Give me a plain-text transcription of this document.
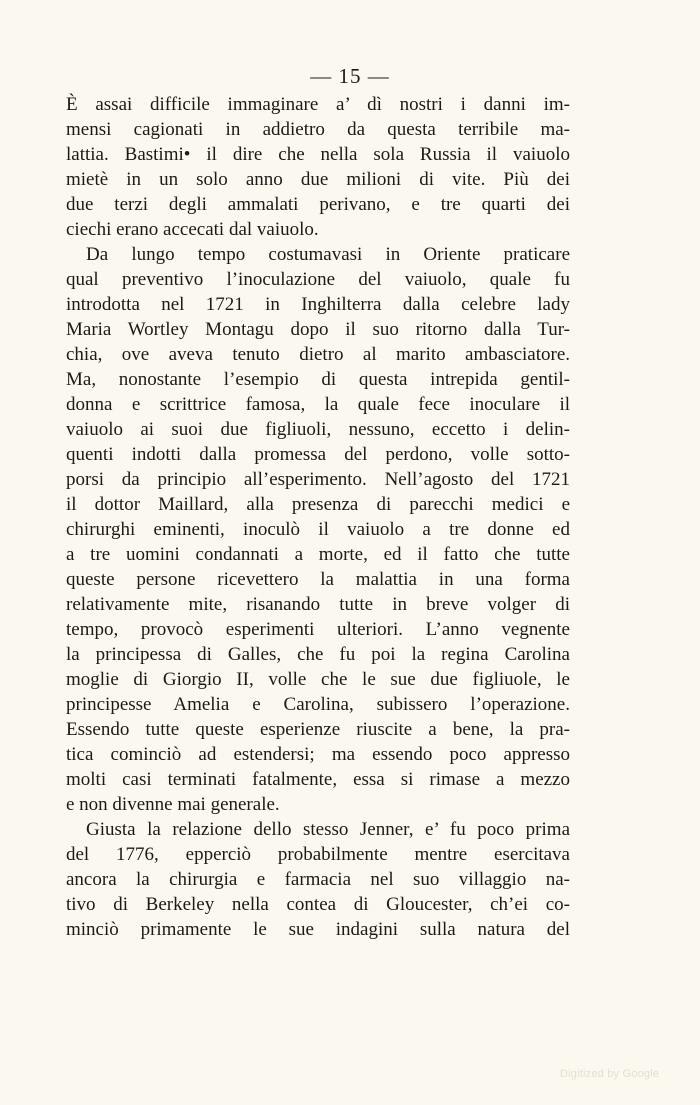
— 15 —
È assai difficile immaginare a’ dì nostri i danni im-
mensi cagionati in addietro da questa terribile ma-
lattia. Bastimi• il dire che nella sola Russia il vaiuolo
mietè in un solo anno due milioni di vite. Più dei
due terzi degli ammalati perivano, e tre quarti dei
ciechi erano accecati dal vaiuolo.
Da lungo tempo costumavasi in Oriente praticare
qual preventivo l’inoculazione del vaiuolo, quale fu
introdotta nel 1721 in Inghilterra dalla celebre lady
Maria Wortley Montagu dopo il suo ritorno dalla Tur-
chia, ove aveva tenuto dietro al marito ambasciatore.
Ma, nonostante l’esempio di questa intrepida gentil-
donna e scrittrice famosa, la quale fece inoculare il
vaiuolo ai suoi due figliuoli, nessuno, eccetto i delin-
quenti indotti dalla promessa del perdono, volle sotto-
porsi da principio all’esperimento. Nell’agosto del 1721
il dottor Maillard, alla presenza di parecchi medici e
chirurghi eminenti, inoculò il vaiuolo a tre donne ed
a tre uomini condannati a morte, ed il fatto che tutte
queste persone ricevettero la malattia in una forma
relativamente mite, risanando tutte in breve volger di
tempo, provocò esperimenti ulteriori. L’anno vegnente
la principessa di Galles, che fu poi la regina Carolina
moglie di Giorgio II, volle che le sue due figliuole, le
principesse Amelia e Carolina, subissero l’operazione.
Essendo tutte queste esperienze riuscite a bene, la pra-
tica cominciò ad estendersi; ma essendo poco appresso
molti casi terminati fatalmente, essa si rimase a mezzo
e non divenne mai generale.
Giusta la relazione dello stesso Jenner, e’ fu poco prima
del 1776, epperciò probabilmente mentre esercitava
ancora la chirurgia e farmacia nel suo villaggio na-
tivo di Berkeley nella contea di Gloucester, ch’ei co-
minciò primamente le sue indagini sulla natura del
Digitized by Google
